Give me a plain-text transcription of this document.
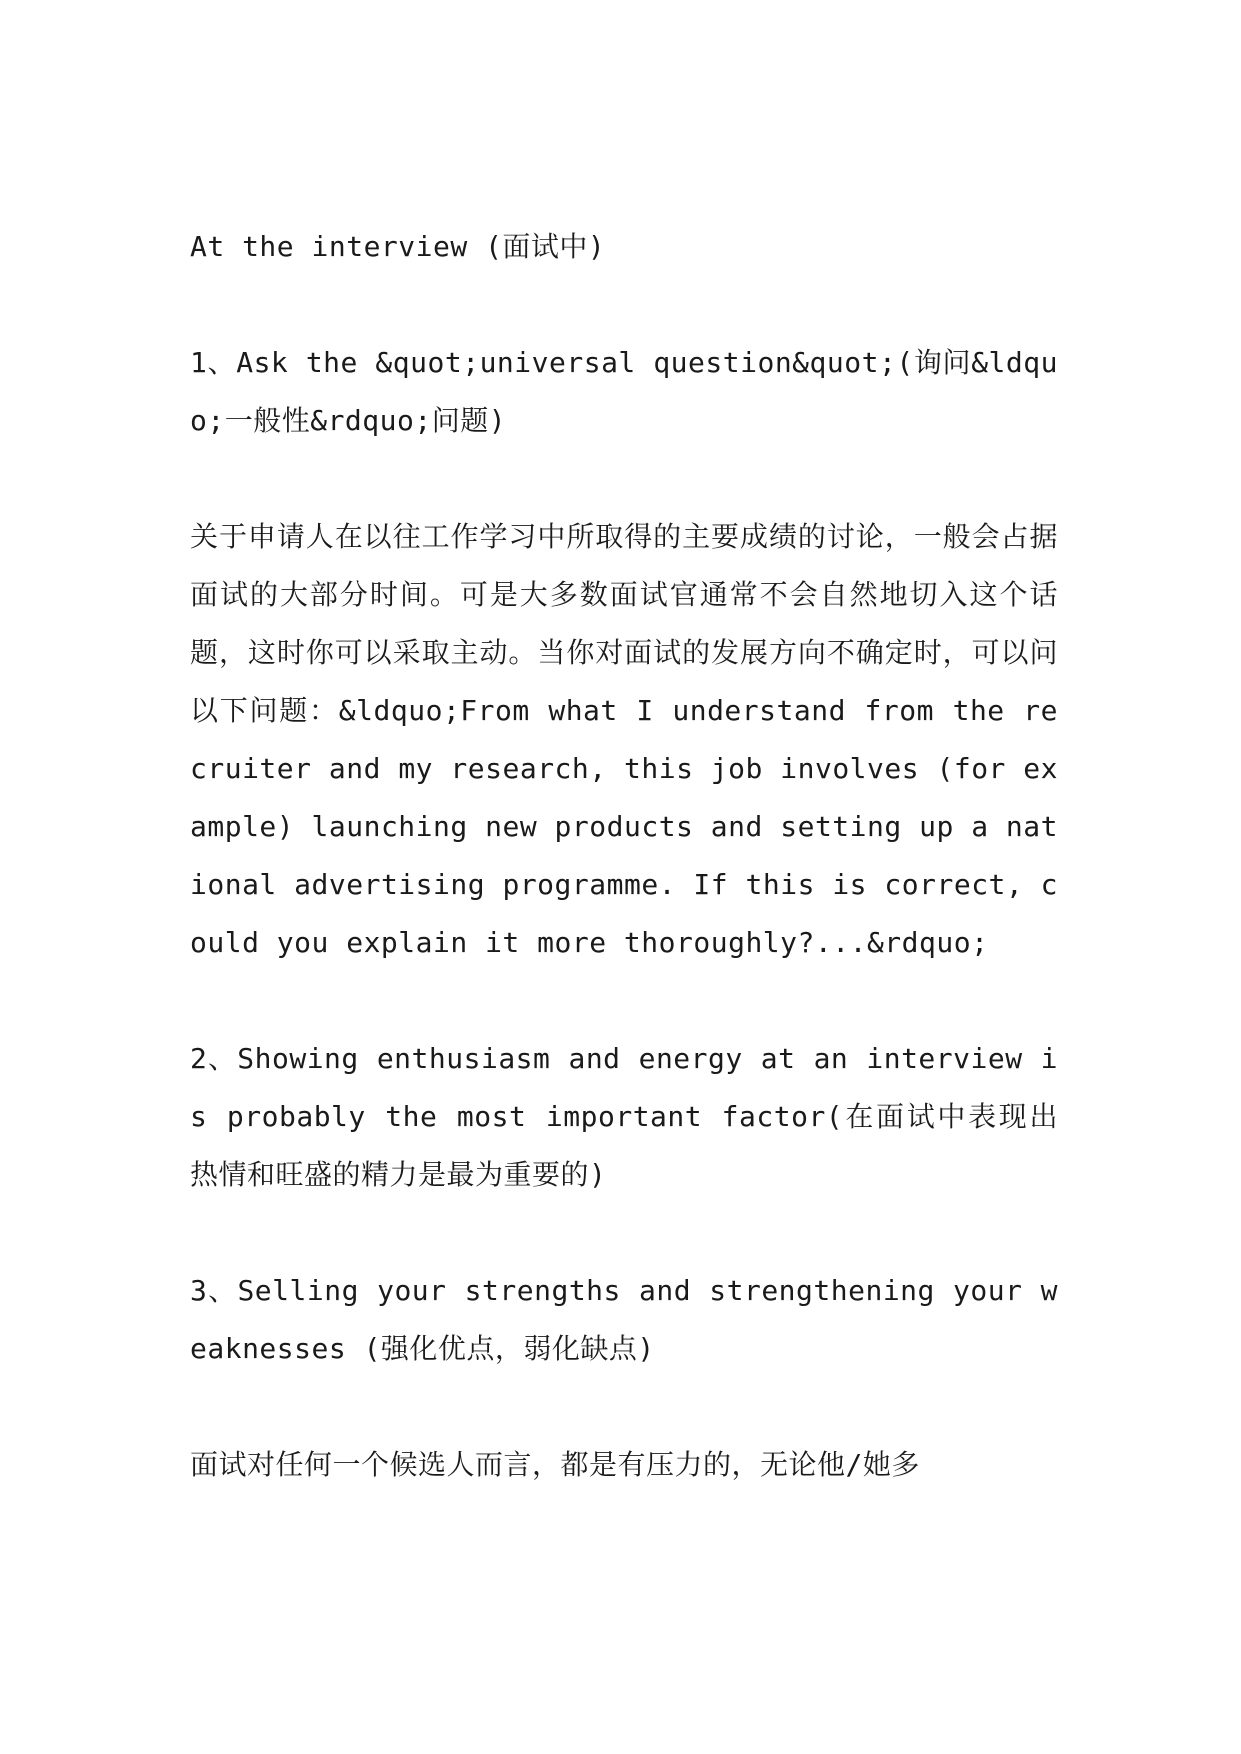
At the interview (面试中)

1、Ask the &quot;universal question&quot;(询问&ldquo;一般性&rdquo;问题)

关于申请人在以往工作学习中所取得的主要成绩的讨论，一般会占据面试的大部分时间。可是大多数面试官通常不会自然地切入这个话题，这时你可以采取主动。当你对面试的发展方向不确定时，可以问以下问题：&ldquo;From what I understand from the recruiter and my research, this job involves (for example) launching new products and setting up a national advertising programme. If this is correct, could you explain it more thoroughly?...&rdquo;

2、Showing enthusiasm and energy at an interview is probably the most important factor(在面试中表现出热情和旺盛的精力是最为重要的)

3、Selling your strengths and strengthening your weaknesses (强化优点，弱化缺点)

面试对任何一个候选人而言，都是有压力的，无论他/她多
